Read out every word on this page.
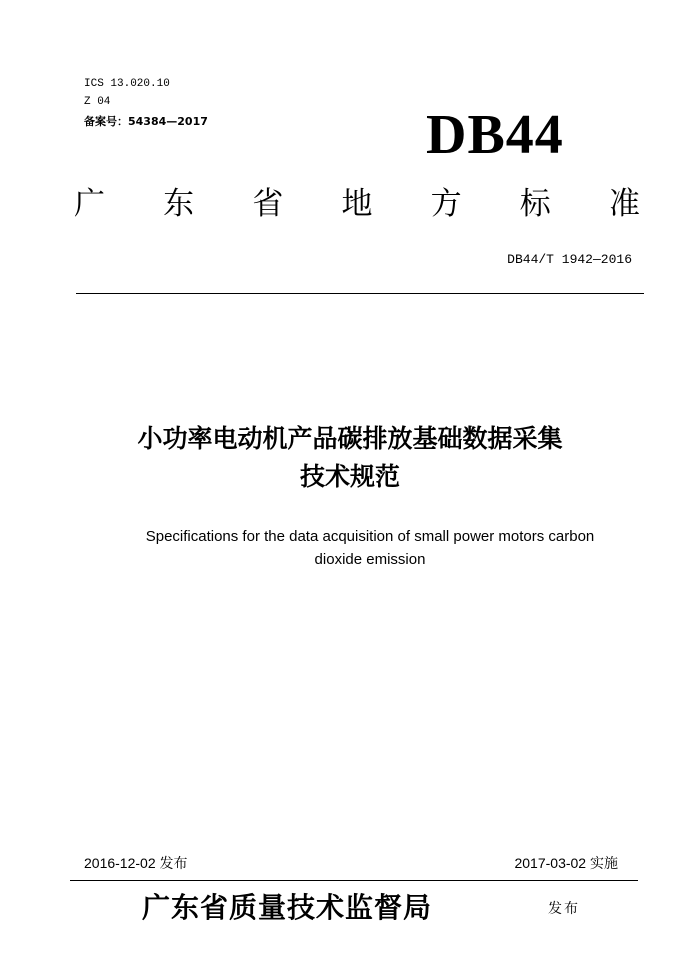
ICS 13.020.10
Z 04
备案号：54384—2017	DB44
广 东 省 地 方 标 准
DB44/T 1942—2016
小功率电动机产品碳排放基础数据采集
技术规范
Specifications for the data acquisition of small power motors carbon
dioxide emission
2016-12-02 发布	2017-03-02 实施
广东省质量技术监督局	发布
